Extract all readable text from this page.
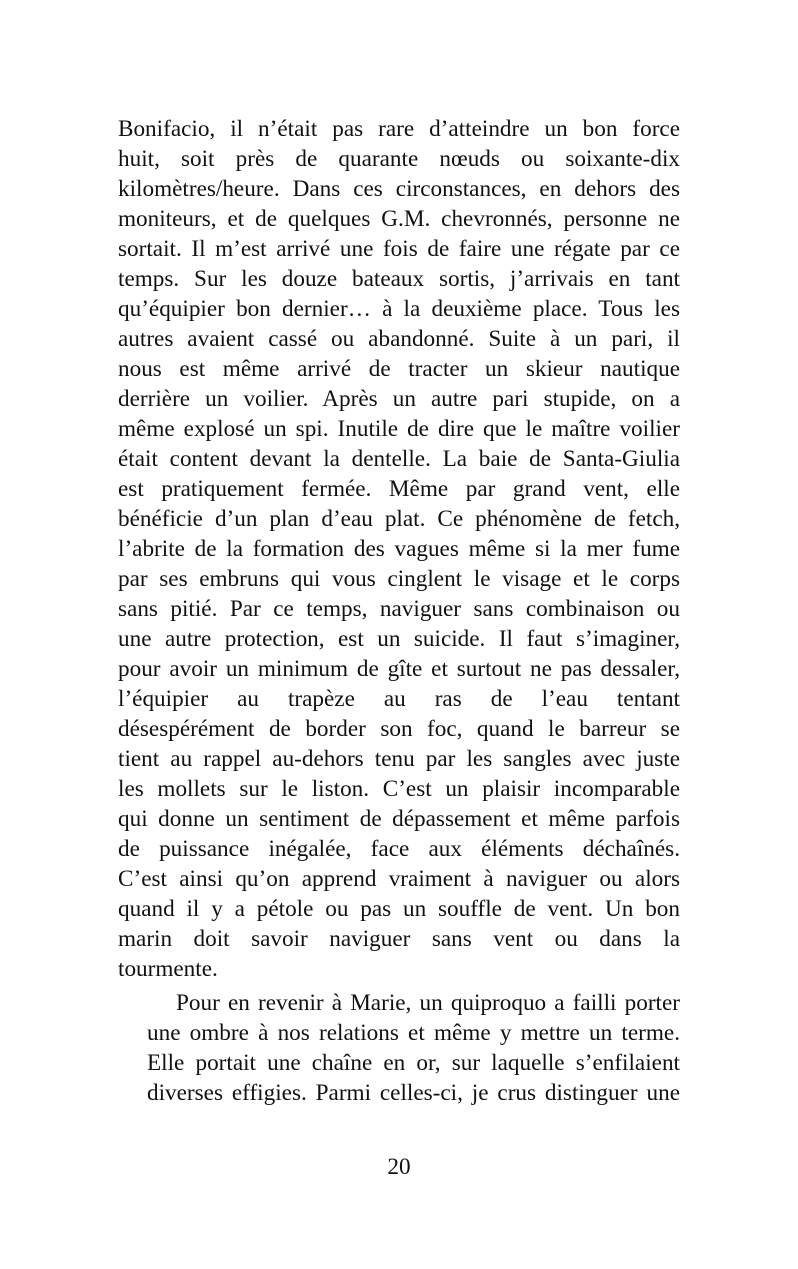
Bonifacio, il n’était pas rare d’atteindre un bon force
huit, soit près de quarante nœuds ou soixante-dix
kilomètres/heure. Dans ces circonstances, en dehors des
moniteurs, et de quelques G.M. chevronnés, personne ne
sortait. Il m’est arrivé une fois de faire une régate par ce
temps. Sur les douze bateaux sortis, j’arrivais en tant
qu’équipier bon dernier… à la deuxième place. Tous les
autres avaient cassé ou abandonné. Suite à un pari, il
nous est même arrivé de tracter un skieur nautique
derrière un voilier. Après un autre pari stupide, on a
même explosé un spi. Inutile de dire que le maître voilier
était content devant la dentelle. La baie de Santa-Giulia
est pratiquement fermée. Même par grand vent, elle
bénéficie d’un plan d’eau plat. Ce phénomène de fetch,
l’abrite de la formation des vagues même si la mer fume
par ses embruns qui vous cinglent le visage et le corps
sans pitié. Par ce temps, naviguer sans combinaison ou
une autre protection, est un suicide. Il faut s’imaginer,
pour avoir un minimum de gîte et surtout ne pas dessaler,
l’équipier au trapèze au ras de l’eau tentant
désespérément de border son foc, quand le barreur se
tient au rappel au-dehors tenu par les sangles avec juste
les mollets sur le liston. C’est un plaisir incomparable
qui donne un sentiment de dépassement et même parfois
de puissance inégalée, face aux éléments déchaînés.
C’est ainsi qu’on apprend vraiment à naviguer ou alors
quand il y a pétole ou pas un souffle de vent. Un bon
marin doit savoir naviguer sans vent ou dans la
tourmente.

Pour en revenir à Marie, un quiproquo a failli porter
une ombre à nos relations et même y mettre un terme.
Elle portait une chaîne en or, sur laquelle s’enfilaient
diverses effigies. Parmi celles-ci, je crus distinguer une

20
